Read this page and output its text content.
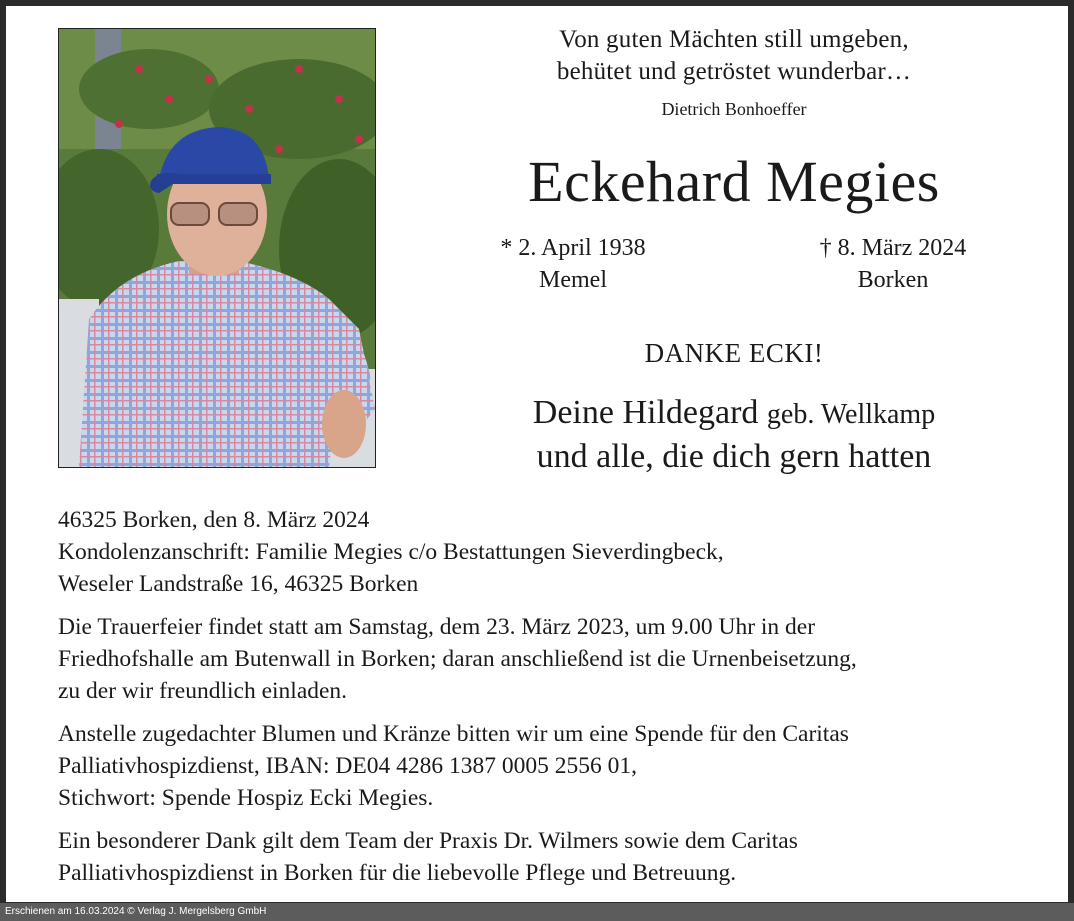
Von guten Mächten still umgeben,
behütet und getröstet wunderbar…
Dietrich Bonhoeffer
Eckehard Megies
* 2. April 1938
Memel
† 8. März 2024
Borken
DANKE ECKI!
Deine Hildegard geb. Wellkamp
und alle, die dich gern hatten

46325 Borken, den 8. März 2024
Kondolenzanschrift: Familie Megies c/o Bestattungen Sieverdingbeck,
Weseler Landstraße 16, 46325 Borken

Die Trauerfeier findet statt am Samstag, dem 23. März 2023, um 9.00 Uhr in der
Friedhofshalle am Butenwall in Borken; daran anschließend ist die Urnenbeisetzung,
zu der wir freundlich einladen.

Anstelle zugedachter Blumen und Kränze bitten wir um eine Spende für den Caritas
Palliativhospizdienst, IBAN: DE04 4286 1387 0005 2556 01,
Stichwort: Spende Hospiz Ecki Megies.

Ein besonderer Dank gilt dem Team der Praxis Dr. Wilmers sowie dem Caritas
Palliativhospizdienst in Borken für die liebevolle Pflege und Betreuung.

Erschienen am 16.03.2024 © Verlag J. Mergelsberg GmbH
